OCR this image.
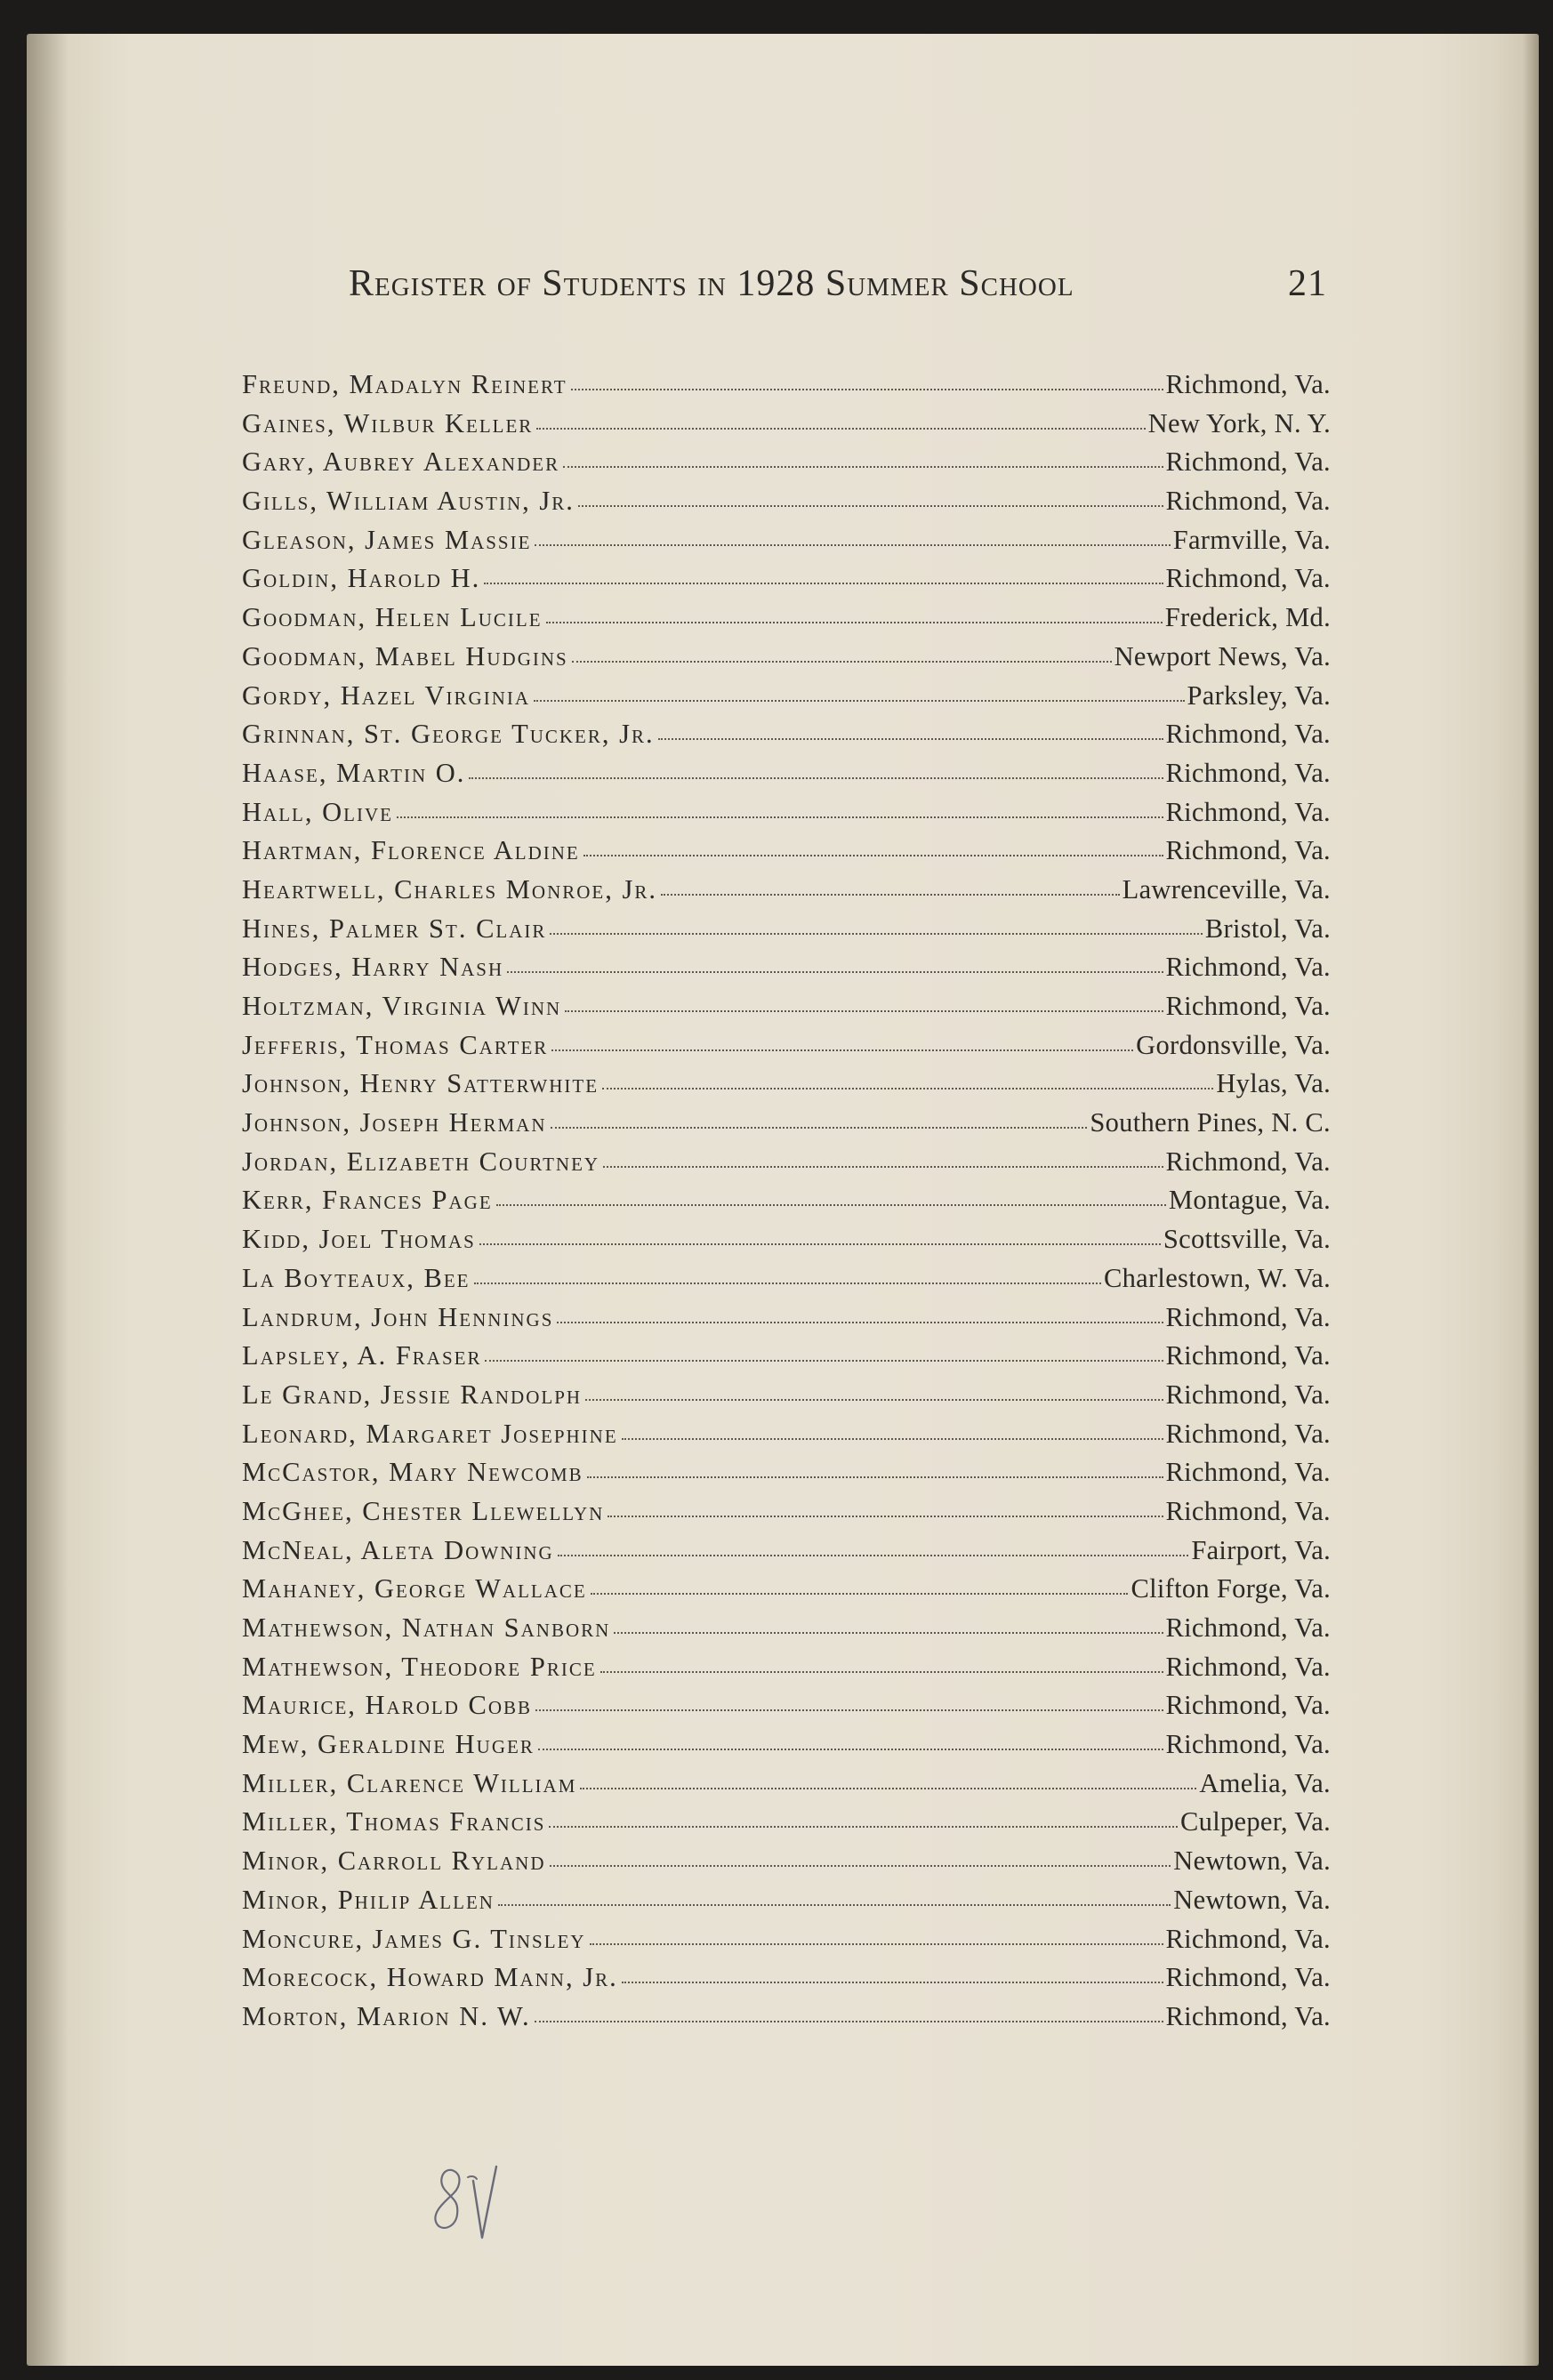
Register of Students in 1928 Summer School	21
Freund, Madalyn Reinert	Richmond, Va.
Gaines, Wilbur Keller	New York, N. Y.
Gary, Aubrey Alexander	Richmond, Va.
Gills, William Austin, Jr.	Richmond, Va.
Gleason, James Massie	Farmville, Va.
Goldin, Harold H.	Richmond, Va.
Goodman, Helen Lucile	Frederick, Md.
Goodman, Mabel Hudgins	Newport News, Va.
Gordy, Hazel Virginia	Parksley, Va.
Grinnan, St. George Tucker, Jr.	Richmond, Va.
Haase, Martin O.	Richmond, Va.
Hall, Olive	Richmond, Va.
Hartman, Florence Aldine	Richmond, Va.
Heartwell, Charles Monroe, Jr.	Lawrenceville, Va.
Hines, Palmer St. Clair	Bristol, Va.
Hodges, Harry Nash	Richmond, Va.
Holtzman, Virginia Winn	Richmond, Va.
Jefferis, Thomas Carter	Gordonsville, Va.
Johnson, Henry Satterwhite	Hylas, Va.
Johnson, Joseph Herman	Southern Pines, N. C.
Jordan, Elizabeth Courtney	Richmond, Va.
Kerr, Frances Page	Montague, Va.
Kidd, Joel Thomas	Scottsville, Va.
La Boyteaux, Bee	Charlestown, W. Va.
Landrum, John Hennings	Richmond, Va.
Lapsley, A. Fraser	Richmond, Va.
Le Grand, Jessie Randolph	Richmond, Va.
Leonard, Margaret Josephine	Richmond, Va.
McCastor, Mary Newcomb	Richmond, Va.
McGhee, Chester Llewellyn	Richmond, Va.
McNeal, Aleta Downing	Fairport, Va.
Mahaney, George Wallace	Clifton Forge, Va.
Mathewson, Nathan Sanborn	Richmond, Va.
Mathewson, Theodore Price	Richmond, Va.
Maurice, Harold Cobb	Richmond, Va.
Mew, Geraldine Huger	Richmond, Va.
Miller, Clarence William	Amelia, Va.
Miller, Thomas Francis	Culpeper, Va.
Minor, Carroll Ryland	Newtown, Va.
Minor, Philip Allen	Newtown, Va.
Moncure, James G. Tinsley	Richmond, Va.
Morecock, Howard Mann, Jr.	Richmond, Va.
Morton, Marion N. W.	Richmond, Va.
